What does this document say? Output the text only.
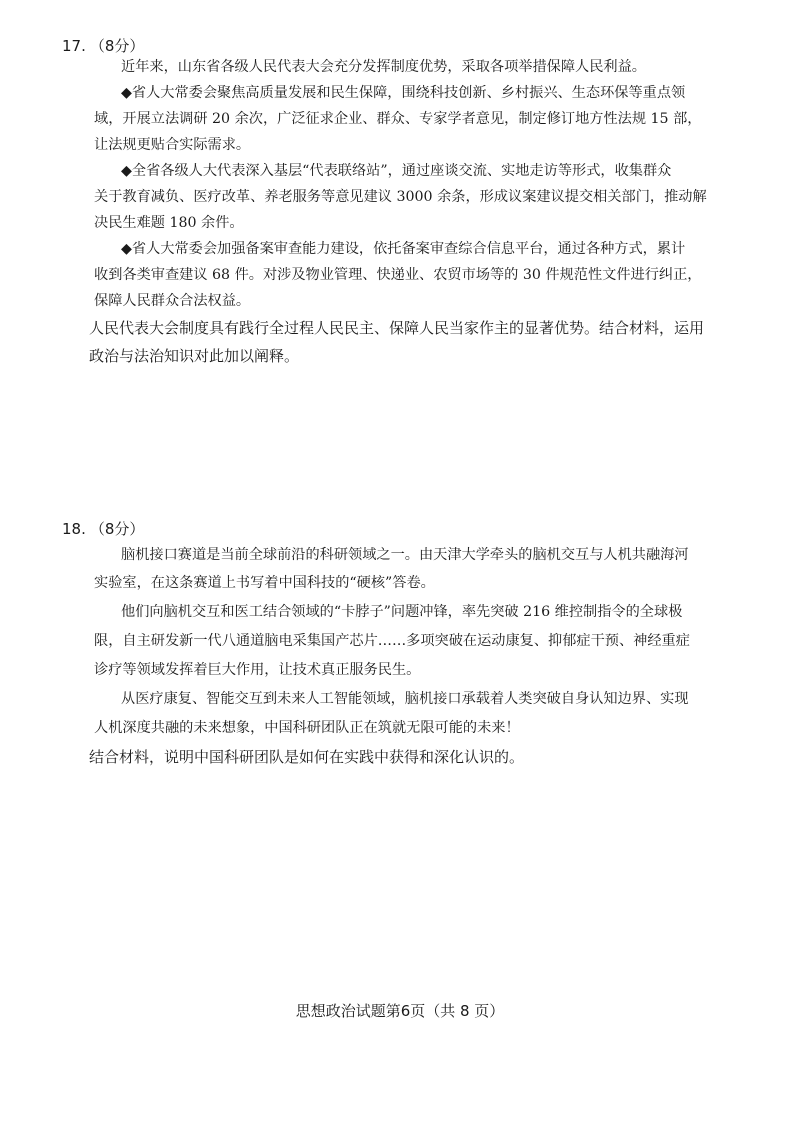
17. （8分）
近年来，山东省各级人民代表大会充分发挥制度优势，采取各项举措保障人民利益。
◆省人大常委会聚焦高质量发展和民生保障，围绕科技创新、乡村振兴、生态环保等重点领
域，开展立法调研 20 余次，广泛征求企业、群众、专家学者意见，制定修订地方性法规 15 部，
让法规更贴合实际需求。
◆全省各级人大代表深入基层“代表联络站”，通过座谈交流、实地走访等形式，收集群众
关于教育减负、医疗改革、养老服务等意见建议 3000 余条，形成议案建议提交相关部门，推动解
决民生难题 180 余件。
◆省人大常委会加强备案审查能力建设，依托备案审查综合信息平台，通过各种方式，累计
收到各类审查建议 68 件。对涉及物业管理、快递业、农贸市场等的 30 件规范性文件进行纠正，
保障人民群众合法权益。
人民代表大会制度具有践行全过程人民民主、保障人民当家作主的显著优势。结合材料，运用
政治与法治知识对此加以阐释。
18. （8分）
脑机接口赛道是当前全球前沿的科研领域之一。由天津大学牵头的脑机交互与人机共融海河
实验室，在这条赛道上书写着中国科技的“硬核”答卷。
他们向脑机交互和医工结合领域的“卡脖子”问题冲锋，率先突破 216 维控制指令的全球极
限，自主研发新一代八通道脑电采集国产芯片……多项突破在运动康复、抑郁症干预、神经重症
诊疗等领域发挥着巨大作用，让技术真正服务民生。
从医疗康复、智能交互到未来人工智能领域，脑机接口承载着人类突破自身认知边界、实现
人机深度共融的未来想象，中国科研团队正在筑就无限可能的未来！
结合材料，说明中国科研团队是如何在实践中获得和深化认识的。
思想政治试题第6页（共 8 页）
